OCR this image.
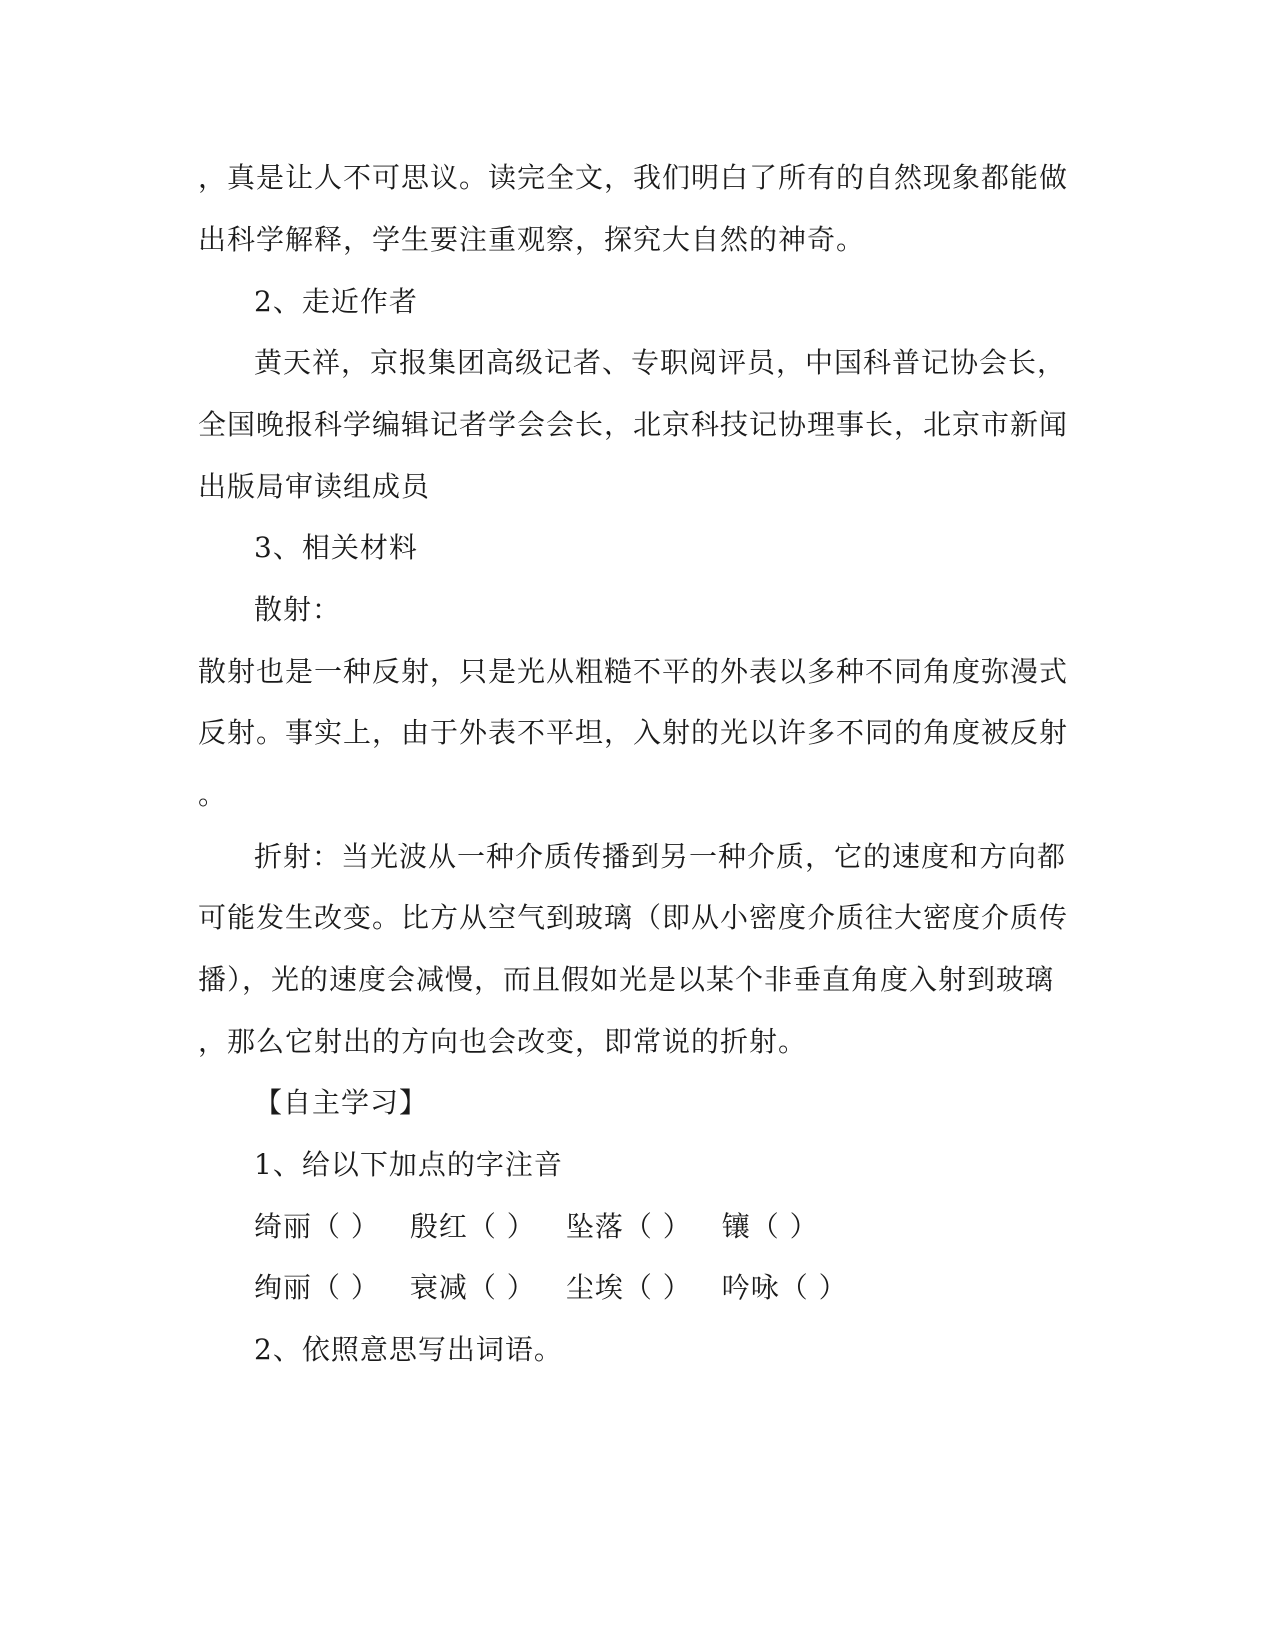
，真是让人不可思议。读完全文，我们明白了所有的自然现象都能做
出科学解释，学生要注重观察，探究大自然的神奇。
2、走近作者
黄天祥，京报集团高级记者、专职阅评员，中国科普记协会长，
全国晚报科学编辑记者学会会长，北京科技记协理事长，北京市新闻
出版局审读组成员
3、相关材料
散射：
散射也是一种反射，只是光从粗糙不平的外表以多种不同角度弥漫式
反射。事实上，由于外表不平坦，入射的光以许多不同的角度被反射
。
折射：当光波从一种介质传播到另一种介质，它的速度和方向都
可能发生改变。比方从空气到玻璃（即从小密度介质往大密度介质传
播），光的速度会减慢，而且假如光是以某个非垂直角度入射到玻璃
，那么它射出的方向也会改变，即常说的折射。
【自主学习】
1、给以下加点的字注音
绮丽（ ） 殷红（ ） 坠落（ ） 镶（ ）
绚丽（ ） 衰减（ ） 尘埃（ ） 吟咏（ ）
2、依照意思写出词语。
